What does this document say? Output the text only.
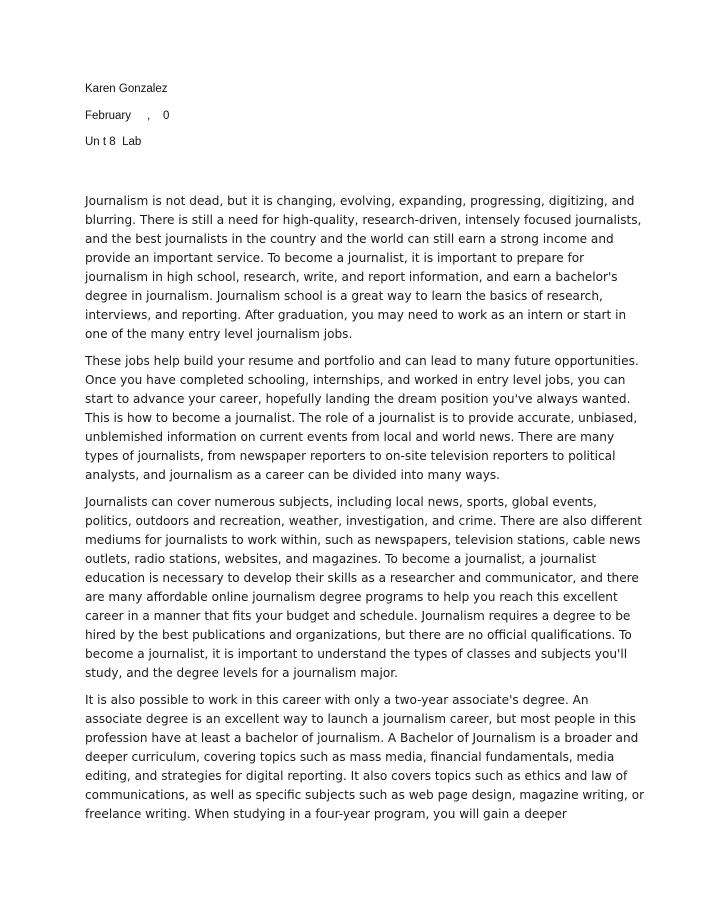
Karen Gonzalez
February     ,    0
Un t 8  Lab

Journalism is not dead, but it is changing, evolving, expanding, progressing, digitizing, and blurring. There is still a need for high-quality, research-driven, intensely focused journalists, and the best journalists in the country and the world can still earn a strong income and provide an important service. To become a journalist, it is important to prepare for journalism in high school, research, write, and report information, and earn a bachelor's degree in journalism. Journalism school is a great way to learn the basics of research, interviews, and reporting. After graduation, you may need to work as an intern or start in one of the many entry level journalism jobs.

These jobs help build your resume and portfolio and can lead to many future opportunities. Once you have completed schooling, internships, and worked in entry level jobs, you can start to advance your career, hopefully landing the dream position you've always wanted. This is how to become a journalist. The role of a journalist is to provide accurate, unbiased, unblemished information on current events from local and world news. There are many types of journalists, from newspaper reporters to on-site television reporters to political analysts, and journalism as a career can be divided into many ways.

Journalists can cover numerous subjects, including local news, sports, global events, politics, outdoors and recreation, weather, investigation, and crime. There are also different mediums for journalists to work within, such as newspapers, television stations, cable news outlets, radio stations, websites, and magazines. To become a journalist, a journalist education is necessary to develop their skills as a researcher and communicator, and there are many affordable online journalism degree programs to help you reach this excellent career in a manner that fits your budget and schedule. Journalism requires a degree to be hired by the best publications and organizations, but there are no official qualifications. To become a journalist, it is important to understand the types of classes and subjects you'll study, and the degree levels for a journalism major.

It is also possible to work in this career with only a two-year associate's degree. An associate degree is an excellent way to launch a journalism career, but most people in this profession have at least a bachelor of journalism. A Bachelor of Journalism is a broader and deeper curriculum, covering topics such as mass media, financial fundamentals, media editing, and strategies for digital reporting. It also covers topics such as ethics and law of communications, as well as specific subjects such as web page design, magazine writing, or freelance writing. When studying in a four-year program, you will gain a deeper
